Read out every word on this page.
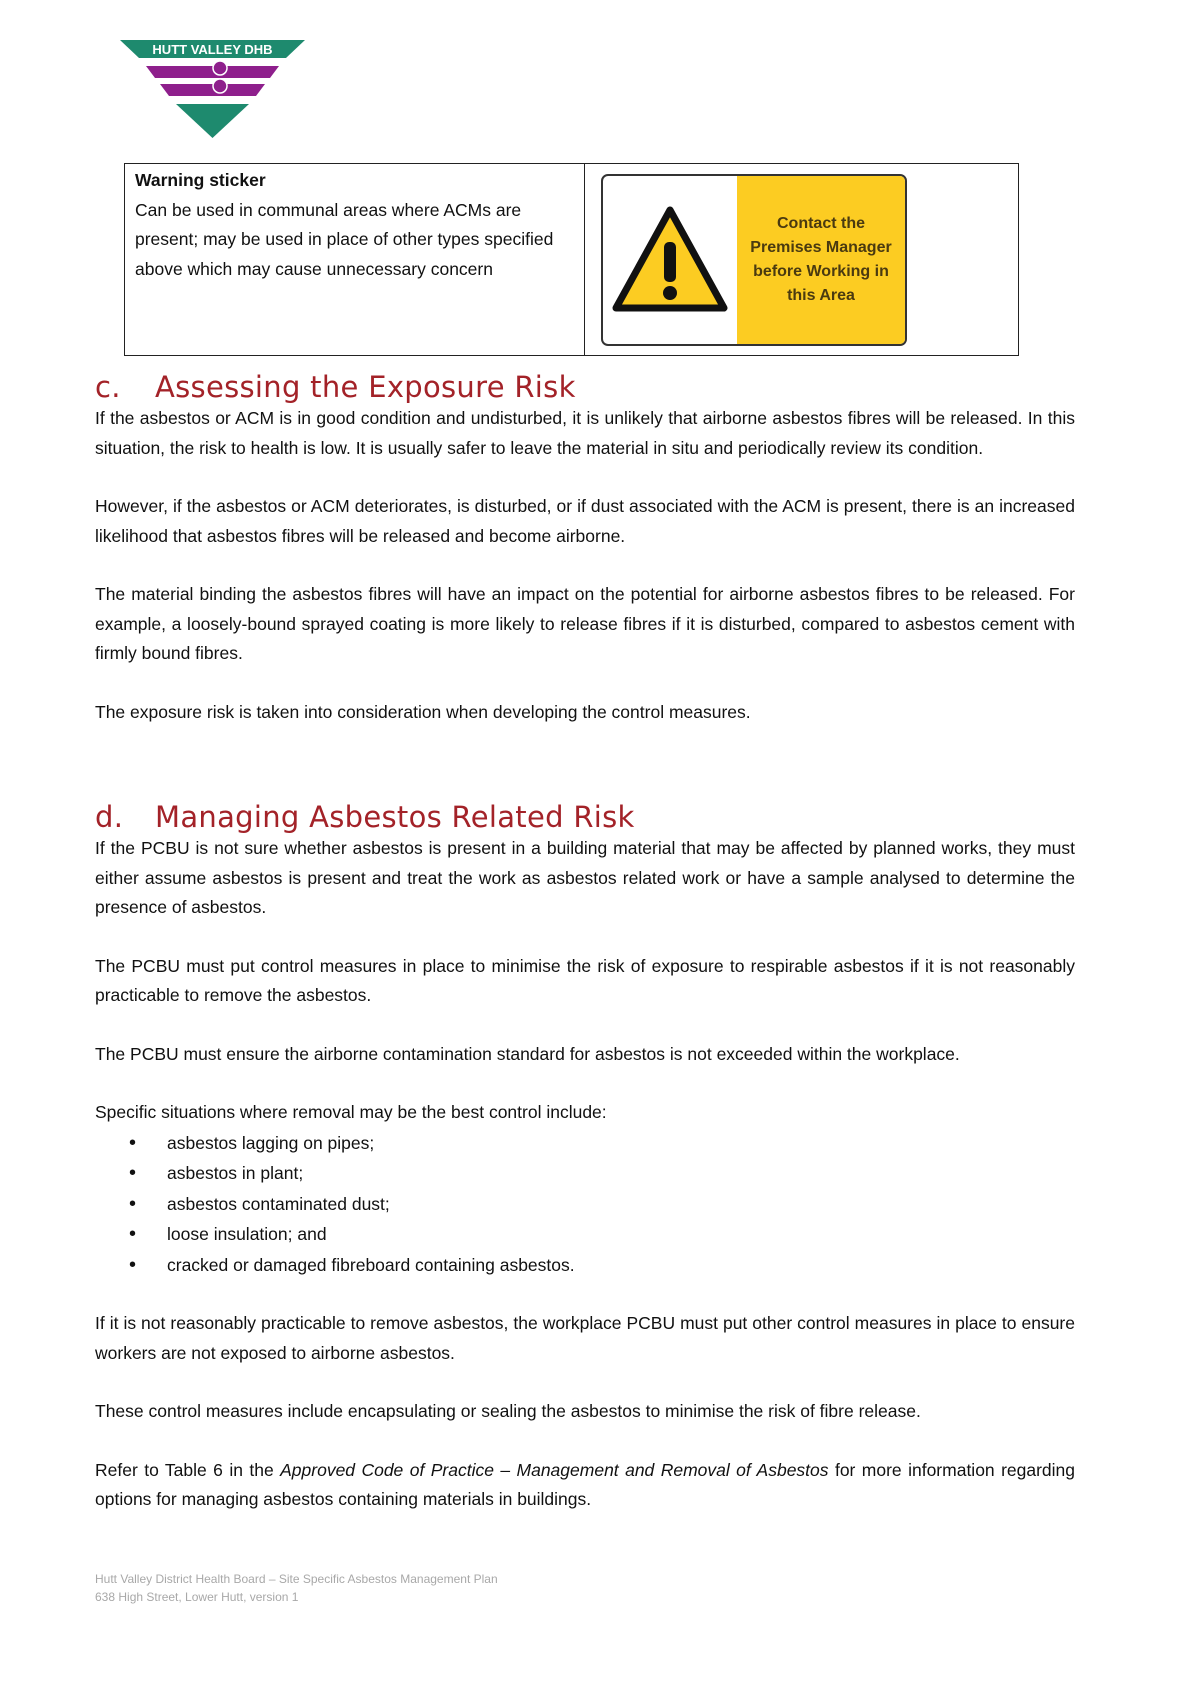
HUTT VALLEY DHB
Warning sticker
Can be used in communal areas where ACMs are present; may be used in place of other types specified above which may cause unnecessary concern
Contact the
Premises Manager
before Working in
this Area
c. Assessing the Exposure Risk

If the asbestos or ACM is in good condition and undisturbed, it is unlikely that airborne asbestos fibres will be released. In this situation, the risk to health is low. It is usually safer to leave the material in situ and periodically review its condition.

However, if the asbestos or ACM deteriorates, is disturbed, or if dust associated with the ACM is present, there is an increased likelihood that asbestos fibres will be released and become airborne.

The material binding the asbestos fibres will have an impact on the potential for airborne asbestos fibres to be released. For example, a loosely-bound sprayed coating is more likely to release fibres if it is disturbed, compared to asbestos cement with firmly bound fibres.

The exposure risk is taken into consideration when developing the control measures.

d. Managing Asbestos Related Risk

If the PCBU is not sure whether asbestos is present in a building material that may be affected by planned works, they must either assume asbestos is present and treat the work as asbestos related work or have a sample analysed to determine the presence of asbestos.

The PCBU must put control measures in place to minimise the risk of exposure to respirable asbestos if it is not reasonably practicable to remove the asbestos.

The PCBU must ensure the airborne contamination standard for asbestos is not exceeded within the workplace.

Specific situations where removal may be the best control include:

• asbestos lagging on pipes;
• asbestos in plant;
• asbestos contaminated dust;
• loose insulation; and
• cracked or damaged fibreboard containing asbestos.

If it is not reasonably practicable to remove asbestos, the workplace PCBU must put other control measures in place to ensure workers are not exposed to airborne asbestos.

These control measures include encapsulating or sealing the asbestos to minimise the risk of fibre release.

Refer to Table 6 in the Approved Code of Practice – Management and Removal of Asbestos for more information regarding options for managing asbestos containing materials in buildings.

Hutt Valley District Health Board – Site Specific Asbestos Management Plan
638 High Street, Lower Hutt, version 1
